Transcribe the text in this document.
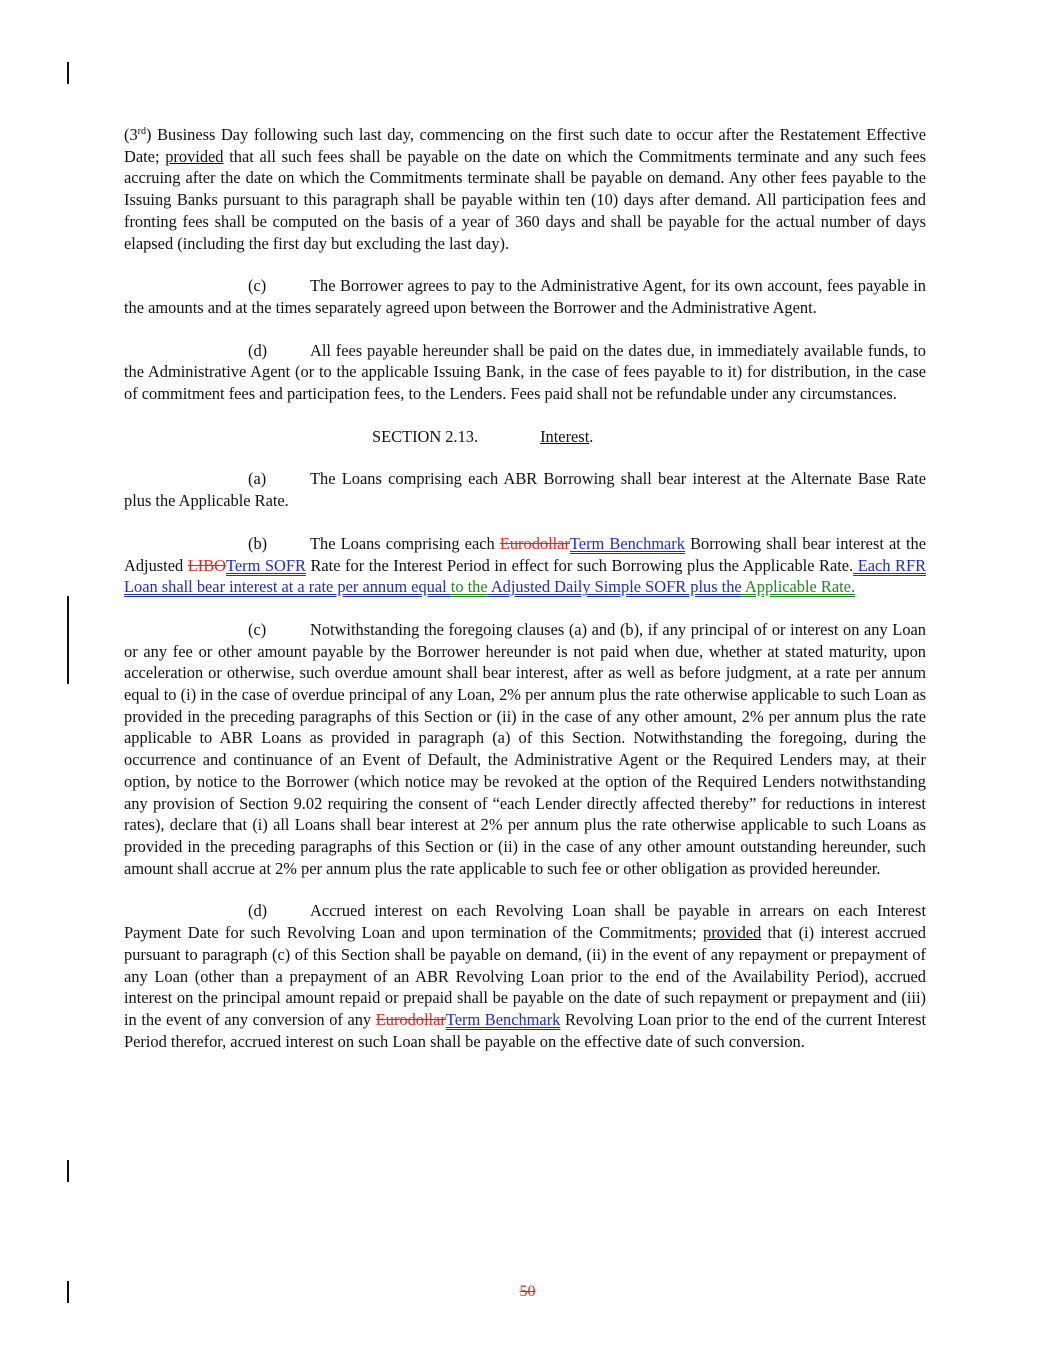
(3rd) Business Day following such last day, commencing on the first such date to occur after the Restatement Effective Date; provided that all such fees shall be payable on the date on which the Commitments terminate and any such fees accruing after the date on which the Commitments terminate shall be payable on demand. Any other fees payable to the Issuing Banks pursuant to this paragraph shall be payable within ten (10) days after demand. All participation fees and fronting fees shall be computed on the basis of a year of 360 days and shall be payable for the actual number of days elapsed (including the first day but excluding the last day).

(c)	The Borrower agrees to pay to the Administrative Agent, for its own account, fees payable in the amounts and at the times separately agreed upon between the Borrower and the Administrative Agent.

(d)	All fees payable hereunder shall be paid on the dates due, in immediately available funds, to the Administrative Agent (or to the applicable Issuing Bank, in the case of fees payable to it) for distribution, in the case of commitment fees and participation fees, to the Lenders. Fees paid shall not be refundable under any circumstances.

SECTION 2.13.	Interest.

(a)	The Loans comprising each ABR Borrowing shall bear interest at the Alternate Base Rate plus the Applicable Rate.

(b)	The Loans comprising each EurodollarTerm Benchmark Borrowing shall bear interest at the Adjusted LIBOTerm SOFR Rate for the Interest Period in effect for such Borrowing plus the Applicable Rate. Each RFR Loan shall bear interest at a rate per annum equal to the Adjusted Daily Simple SOFR plus the Applicable Rate.

(c)	Notwithstanding the foregoing clauses (a) and (b), if any principal of or interest on any Loan or any fee or other amount payable by the Borrower hereunder is not paid when due, whether at stated maturity, upon acceleration or otherwise, such overdue amount shall bear interest, after as well as before judgment, at a rate per annum equal to (i) in the case of overdue principal of any Loan, 2% per annum plus the rate otherwise applicable to such Loan as provided in the preceding paragraphs of this Section or (ii) in the case of any other amount, 2% per annum plus the rate applicable to ABR Loans as provided in paragraph (a) of this Section. Notwithstanding the foregoing, during the occurrence and continuance of an Event of Default, the Administrative Agent or the Required Lenders may, at their option, by notice to the Borrower (which notice may be revoked at the option of the Required Lenders notwithstanding any provision of Section 9.02 requiring the consent of “each Lender directly affected thereby” for reductions in interest rates), declare that (i) all Loans shall bear interest at 2% per annum plus the rate otherwise applicable to such Loans as provided in the preceding paragraphs of this Section or (ii) in the case of any other amount outstanding hereunder, such amount shall accrue at 2% per annum plus the rate applicable to such fee or other obligation as provided hereunder.

(d)	Accrued interest on each Revolving Loan shall be payable in arrears on each Interest Payment Date for such Revolving Loan and upon termination of the Commitments; provided that (i) interest accrued pursuant to paragraph (c) of this Section shall be payable on demand, (ii) in the event of any repayment or prepayment of any Loan (other than a prepayment of an ABR Revolving Loan prior to the end of the Availability Period), accrued interest on the principal amount repaid or prepaid shall be payable on the date of such repayment or prepayment and (iii) in the event of any conversion of any EurodollarTerm Benchmark Revolving Loan prior to the end of the current Interest Period therefor, accrued interest on such Loan shall be payable on the effective date of such conversion.

50
